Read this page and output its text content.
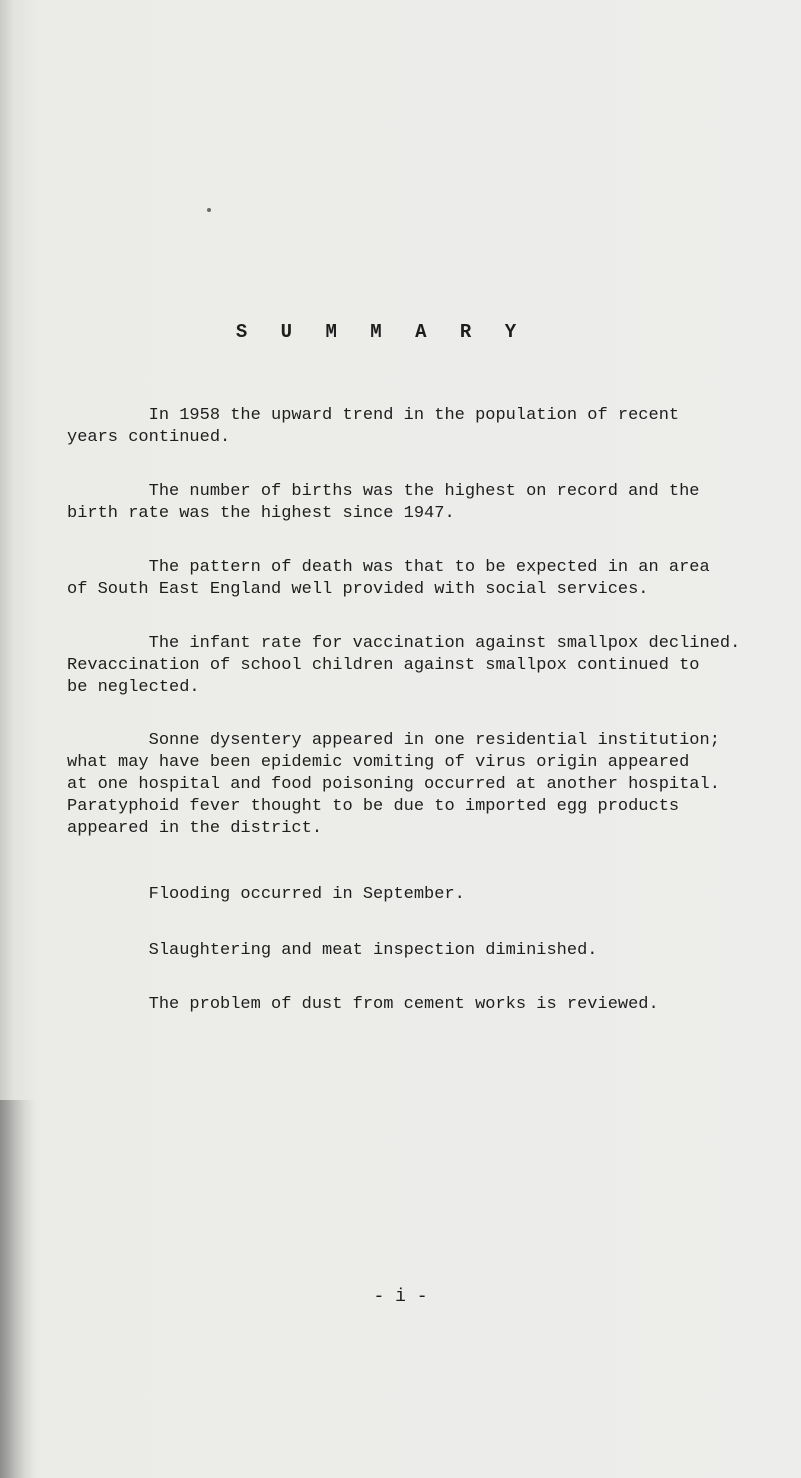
S U M M A R Y

In 1958 the upward trend in the population of recent
years continued.

The number of births was the highest on record and the
birth rate was the highest since 1947.

The pattern of death was that to be expected in an area
of South East England well provided with social services.

The infant rate for vaccination against smallpox declined.
Revaccination of school children against smallpox continued to
be neglected.

Sonne dysentery appeared in one residential institution;
what may have been epidemic vomiting of virus origin appeared
at one hospital and food poisoning occurred at another hospital.
Paratyphoid fever thought to be due to imported egg products
appeared in the district.

Flooding occurred in September.

Slaughtering and meat inspection diminished.

The problem of dust from cement works is reviewed.

- i -
